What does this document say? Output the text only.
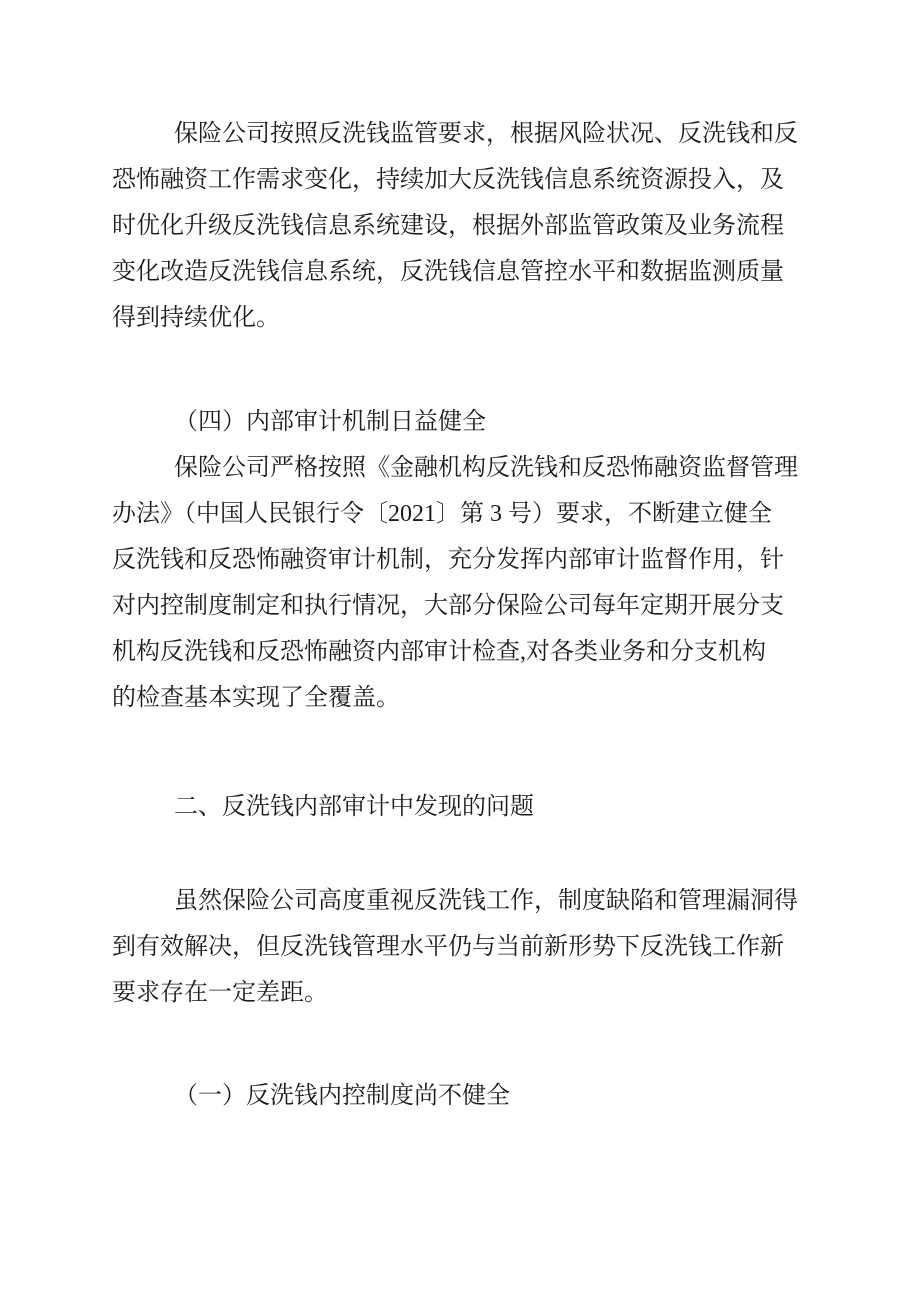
保险公司按照反洗钱监管要求，根据风险状况、反洗钱和反
恐怖融资工作需求变化，持续加大反洗钱信息系统资源投入，及
时优化升级反洗钱信息系统建设，根据外部监管政策及业务流程
变化改造反洗钱信息系统，反洗钱信息管控水平和数据监测质量
得到持续优化。
（四）内部审计机制日益健全
保险公司严格按照《金融机构反洗钱和反恐怖融资监督管理
办法》（中国人民银行令〔2021〕第 3 号）要求，不断建立健全
反洗钱和反恐怖融资审计机制，充分发挥内部审计监督作用，针
对内控制度制定和执行情况，大部分保险公司每年定期开展分支
机构反洗钱和反恐怖融资内部审计检查,对各类业务和分支机构
的检查基本实现了全覆盖。
二、反洗钱内部审计中发现的问题
虽然保险公司高度重视反洗钱工作，制度缺陷和管理漏洞得
到有效解决，但反洗钱管理水平仍与当前新形势下反洗钱工作新
要求存在一定差距。
（一）反洗钱内控制度尚不健全
